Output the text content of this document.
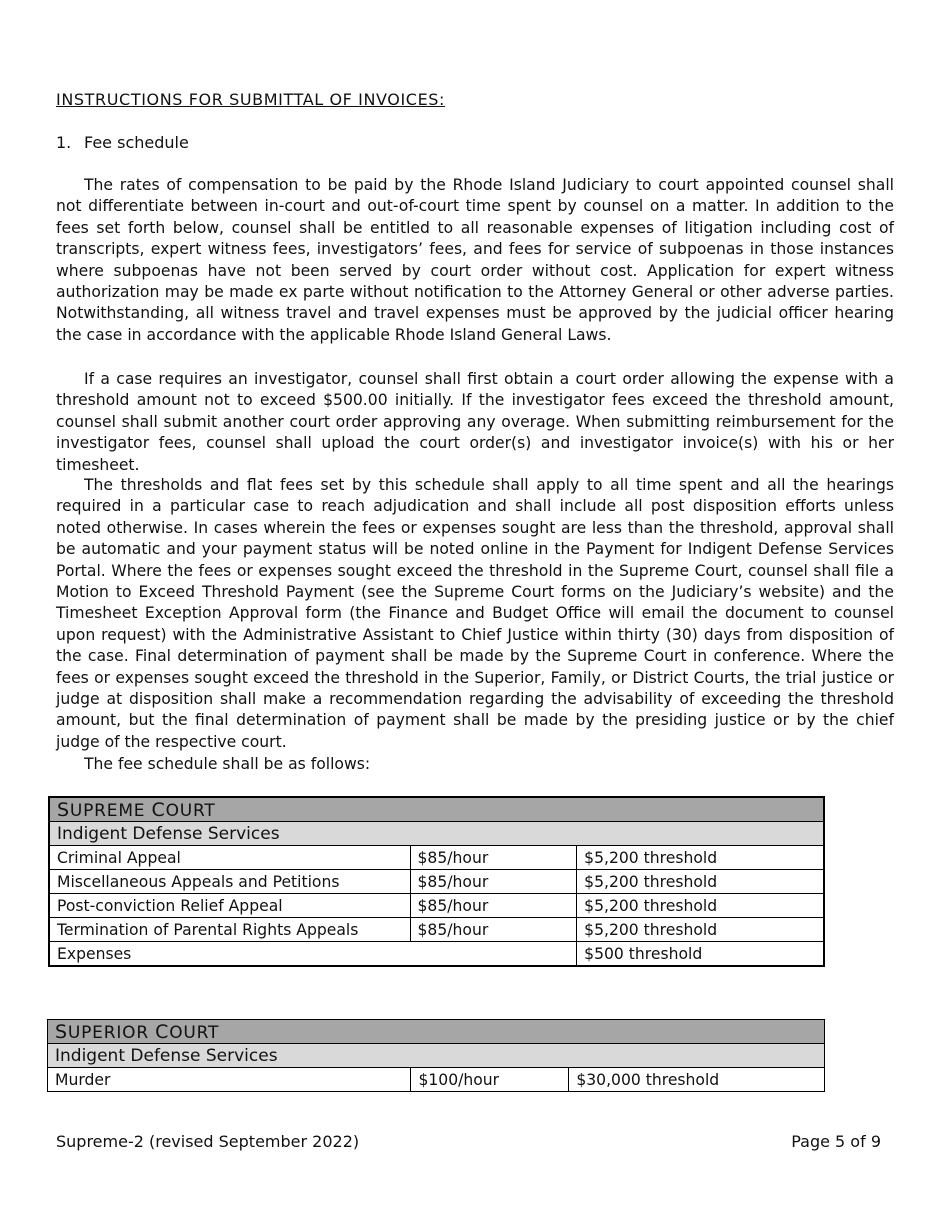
INSTRUCTIONS FOR SUBMITTAL OF INVOICES:
1. Fee schedule

The rates of compensation to be paid by the Rhode Island Judiciary to court appointed counsel shall not differentiate between in-court and out-of-court time spent by counsel on a matter. In addition to the fees set forth below, counsel shall be entitled to all reasonable expenses of litigation including cost of transcripts, expert witness fees, investigators’ fees, and fees for service of subpoenas in those instances where subpoenas have not been served by court order without cost. Application for expert witness authorization may be made ex parte without notification to the Attorney General or other adverse parties. Notwithstanding, all witness travel and travel expenses must be approved by the judicial officer hearing the case in accordance with the applicable Rhode Island General Laws.

If a case requires an investigator, counsel shall first obtain a court order allowing the expense with a threshold amount not to exceed $500.00 initially. If the investigator fees exceed the threshold amount, counsel shall submit another court order approving any overage. When submitting reimbursement for the investigator fees, counsel shall upload the court order(s) and investigator invoice(s) with his or her timesheet.

The thresholds and flat fees set by this schedule shall apply to all time spent and all the hearings required in a particular case to reach adjudication and shall include all post disposition efforts unless noted otherwise. In cases wherein the fees or expenses sought are less than the threshold, approval shall be automatic and your payment status will be noted online in the Payment for Indigent Defense Services Portal. Where the fees or expenses sought exceed the threshold in the Supreme Court, counsel shall file a Motion to Exceed Threshold Payment (see the Supreme Court forms on the Judiciary’s website) and the Timesheet Exception Approval form (the Finance and Budget Office will email the document to counsel upon request) with the Administrative Assistant to Chief Justice within thirty (30) days from disposition of the case. Final determination of payment shall be made by the Supreme Court in conference. Where the fees or expenses sought exceed the threshold in the Superior, Family, or District Courts, the trial justice or judge at disposition shall make a recommendation regarding the advisability of exceeding the threshold amount, but the final determination of payment shall be made by the presiding justice or by the chief judge of the respective court.

The fee schedule shall be as follows:

SUPREME COURT		
Indigent Defense Services		
Criminal Appeal	$85/hour	$5,200 threshold
Miscellaneous Appeals and Petitions	$85/hour	$5,200 threshold
Post-conviction Relief Appeal	$85/hour	$5,200 threshold
Termination of Parental Rights Appeals	$85/hour	$5,200 threshold
Expenses		$500 threshold
SUPERIOR COURT
Indigent Defense Services
Murder	$100/hour	$30,000 threshold
Supreme-2 (revised September 2022)	Page 5 of 9
